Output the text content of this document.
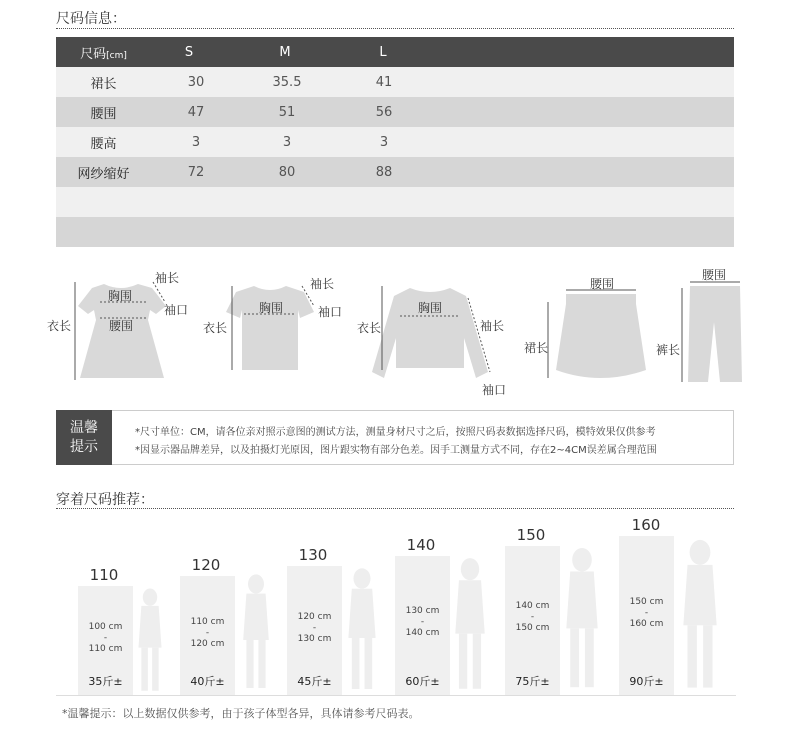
尺码信息：
尺码[cm]	S	M	L
裙长	30	35.5	41
腰围	47	51	56
腰高	3	3	3
网纱缩好	72	80	88
胸围
腰围
袖长
袖口
衣长
胸围
袖长
袖口
衣长
胸围
袖长
衣长
袖口
腰围
裙长
腰围
裤长
温馨
提示
*尺寸单位：CM，请各位亲对照示意图的测试方法，测量身材尺寸之后，按照尺码表数据选择尺码，模特效果仅供参考
*因显示器品牌差异，以及拍摄灯光原因，图片跟实物有部分色差。因手工测量方式不同，存在2~4CM误差属合理范围
穿着尺码推荐：
110
100 cm
-
110 cm
35斤±
120
110 cm
-
120 cm
40斤±
130
120 cm
-
130 cm
45斤±
140
130 cm
-
140 cm
60斤±
150
140 cm
-
150 cm
75斤±
160
150 cm
-
160 cm
90斤±
*温馨提示：以上数据仅供参考，由于孩子体型各异，具体请参考尺码表。
